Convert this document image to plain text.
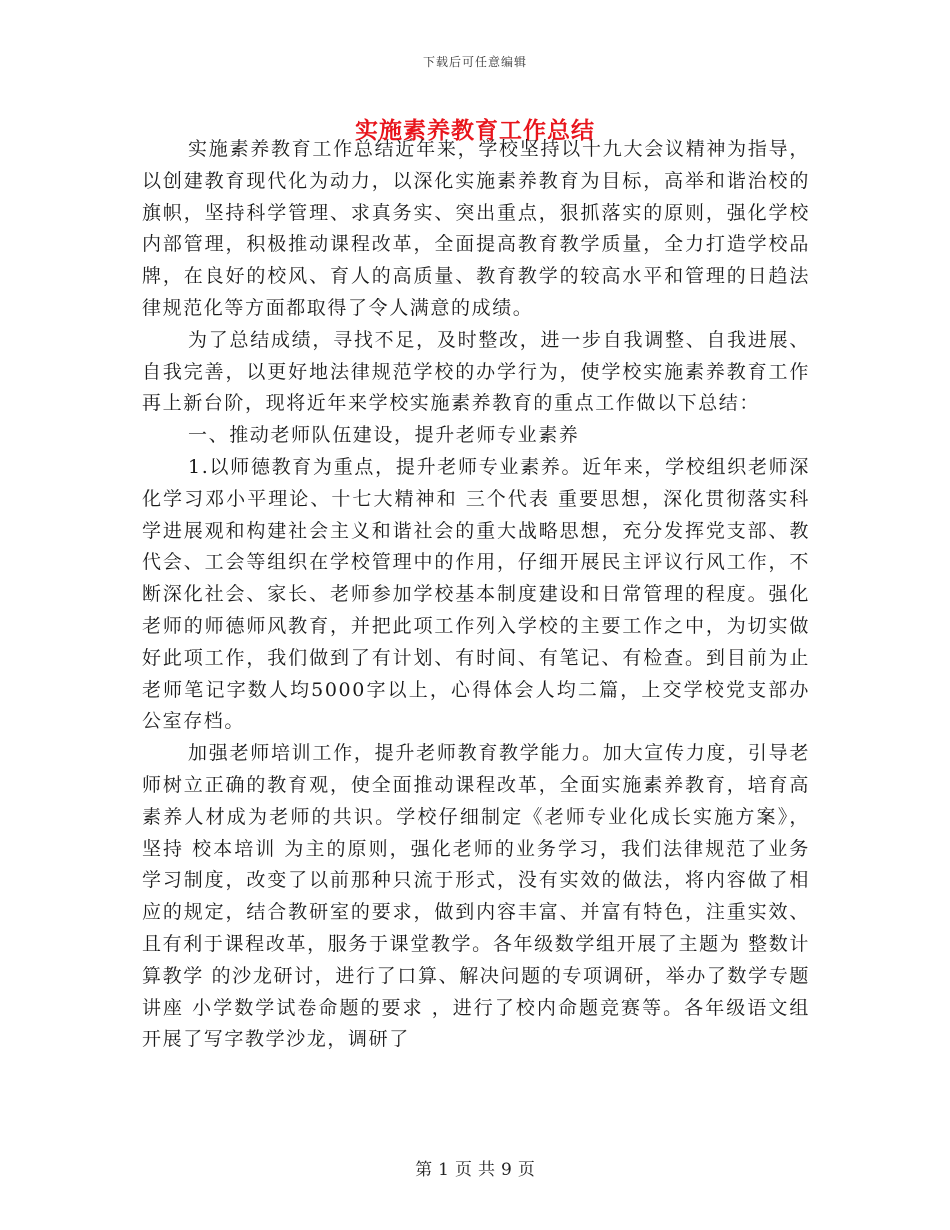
下载后可任意编辑
实施素养教育工作总结

实施素养教育工作总结近年来，学校坚持以十九大会议精神为指导，以创建教育现代化为动力，以深化实施素养教育为目标，高举和谐治校的旗帜，坚持科学管理、求真务实、突出重点，狠抓落实的原则，强化学校内部管理，积极推动课程改革，全面提高教育教学质量，全力打造学校品牌，在良好的校风、育人的高质量、教育教学的较高水平和管理的日趋法律规范化等方面都取得了令人满意的成绩。

为了总结成绩，寻找不足，及时整改，进一步自我调整、自我进展、自我完善，以更好地法律规范学校的办学行为，使学校实施素养教育工作再上新台阶，现将近年来学校实施素养教育的重点工作做以下总结：

一、推动老师队伍建设，提升老师专业素养

1.以师德教育为重点，提升老师专业素养。近年来，学校组织老师深化学习邓小平理论、十七大精神和 三个代表 重要思想，深化贯彻落实科学进展观和构建社会主义和谐社会的重大战略思想，充分发挥党支部、教代会、工会等组织在学校管理中的作用，仔细开展民主评议行风工作，不断深化社会、家长、老师参加学校基本制度建设和日常管理的程度。强化老师的师德师风教育，并把此项工作列入学校的主要工作之中，为切实做好此项工作，我们做到了有计划、有时间、有笔记、有检查。到目前为止老师笔记字数人均5000字以上，心得体会人均二篇，上交学校党支部办公室存档。

加强老师培训工作，提升老师教育教学能力。加大宣传力度，引导老师树立正确的教育观，使全面推动课程改革，全面实施素养教育，培育高素养人材成为老师的共识。学校仔细制定《老师专业化成长实施方案》，坚持 校本培训 为主的原则，强化老师的业务学习，我们法律规范了业务学习制度，改变了以前那种只流于形式，没有实效的做法，将内容做了相应的规定，结合教研室的要求，做到内容丰富、并富有特色，注重实效、且有利于课程改革，服务于课堂教学。各年级数学组开展了主题为 整数计算教学 的沙龙研讨，进行了口算、解决问题的专项调研，举办了数学专题讲座 小学数学试卷命题的要求 ，进行了校内命题竞赛等。各年级语文组开展了写字教学沙龙，调研了

第 1 页 共 9 页
